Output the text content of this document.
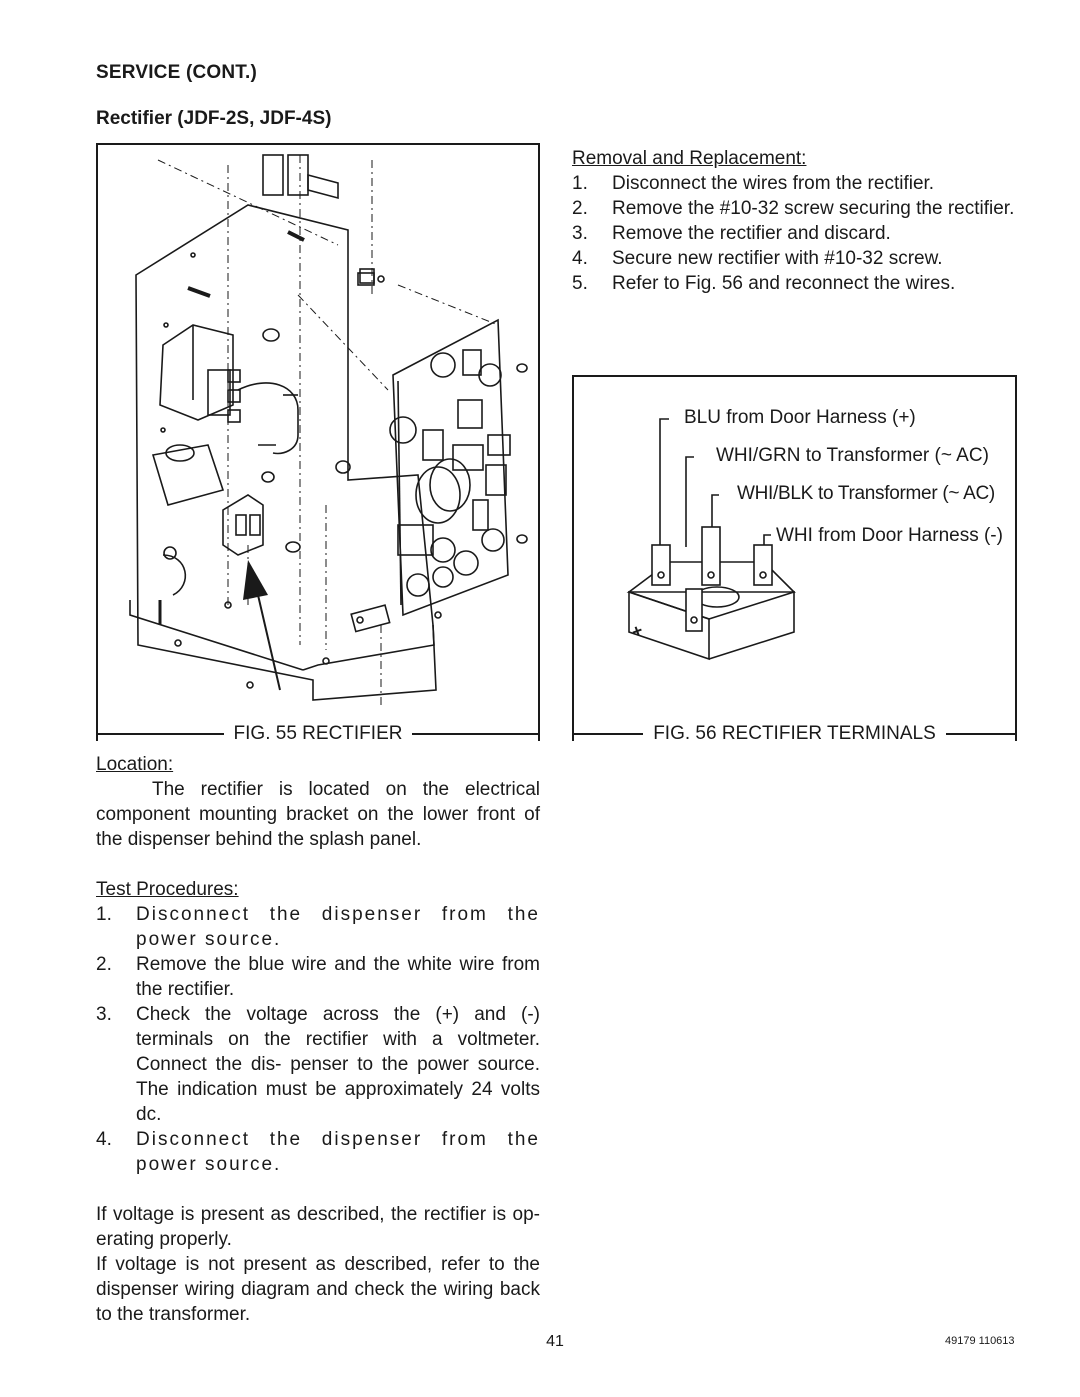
SERVICE (CONT.)
Rectifier (JDF-2S, JDF-4S)
FIG. 55 RECTIFIER
Removal and Replacement:
1. Disconnect the wires from the rectifier.
2. Remove the #10-32 screw securing the rectifier.
3. Remove the rectifier and discard.
4. Secure new rectifier with #10-32 screw.
5. Refer to Fig. 56 and reconnect the wires.
BLU from Door Harness (+)
WHI/GRN to Transformer (~ AC)
WHI/BLK to Transformer (~ AC)
WHI from Door Harness (-)
+
FIG. 56 RECTIFIER TERMINALS
Location:
The rectifier is located on the electrical component mounting bracket on the lower front of the dispenser behind the splash panel.
Test Procedures:
1. Disconnect the dispenser from the power source.
2. Remove the blue wire and the white wire from the rectifier.
3. Check the voltage across the (+) and (-) terminals on the rectifier with a voltmeter. Connect the dis- penser to the power source. The indication must be approximately 24 volts dc.
4. Disconnect the dispenser from the power source.
If voltage is present as described, the rectifier is op- erating properly.
If voltage is not present as described, refer to the dispenser wiring diagram and check the wiring back to the transformer.
41	49179 110613
